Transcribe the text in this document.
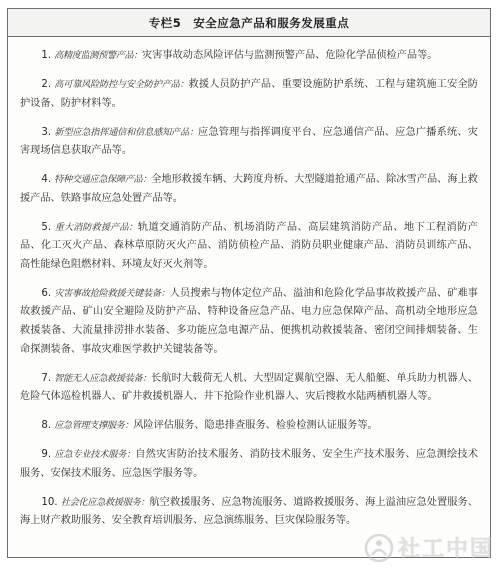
专栏5　安全应急产品和服务发展重点

1. 高精度监测预警产品：灾害事故动态风险评估与监测预警产品、危险化学品侦检产品等。

2. 高可靠风险防控与安全防护产品：救援人员防护产品、重要设施防护系统、工程与建筑施工安全防护设备、防护材料等。

3. 新型应急指挥通信和信息感知产品：应急管理与指挥调度平台、应急通信产品、应急广播系统、灾害现场信息获取产品等。

4. 特种交通应急保障产品：全地形救援车辆、大跨度舟桥、大型隧道抢通产品、除冰雪产品、海上救援产品、铁路事故应急处置产品等。

5. 重大消防救援产品：轨道交通消防产品、机场消防产品、高层建筑消防产品、地下工程消防产品、化工灭火产品、森林草原防灭火产品、消防侦检产品、消防员职业健康产品、消防员训练产品、高性能绿色阻燃材料、环境友好灭火剂等。

6. 灾害事故抢险救援关键装备：人员搜索与物体定位产品、溢油和危险化学品事故救援产品、矿难事故救援产品、矿山安全避险及防护产品、特种设备应急产品、电力应急保障产品、高机动全地形应急救援装备、大流量排涝排水装备、多功能应急电源产品、便携机动救援装备、密闭空间排烟装备、生命探测装备、事故灾难医学救护关键装备等。

7. 智能无人应急救援装备：长航时大载荷无人机、大型固定翼航空器、无人船艇、单兵助力机器人、危险气体巡检机器人、矿井救援机器人、井下抢险作业机器人、灾后搜救水陆两栖机器人等。

8. 应急管理支撑服务：风险评估服务、隐患排查服务、检验检测认证服务等。

9. 应急专业技术服务：自然灾害防治技术服务、消防技术服务、安全生产技术服务、应急测绘技术服务、安保技术服务、应急医学服务等。

10. 社会化应急救援服务：航空救援服务、应急物流服务、道路救援服务、海上溢油应急处置服务、海上财产救助服务、安全教育培训服务、应急演练服务、巨灾保险服务等。

社工中国
